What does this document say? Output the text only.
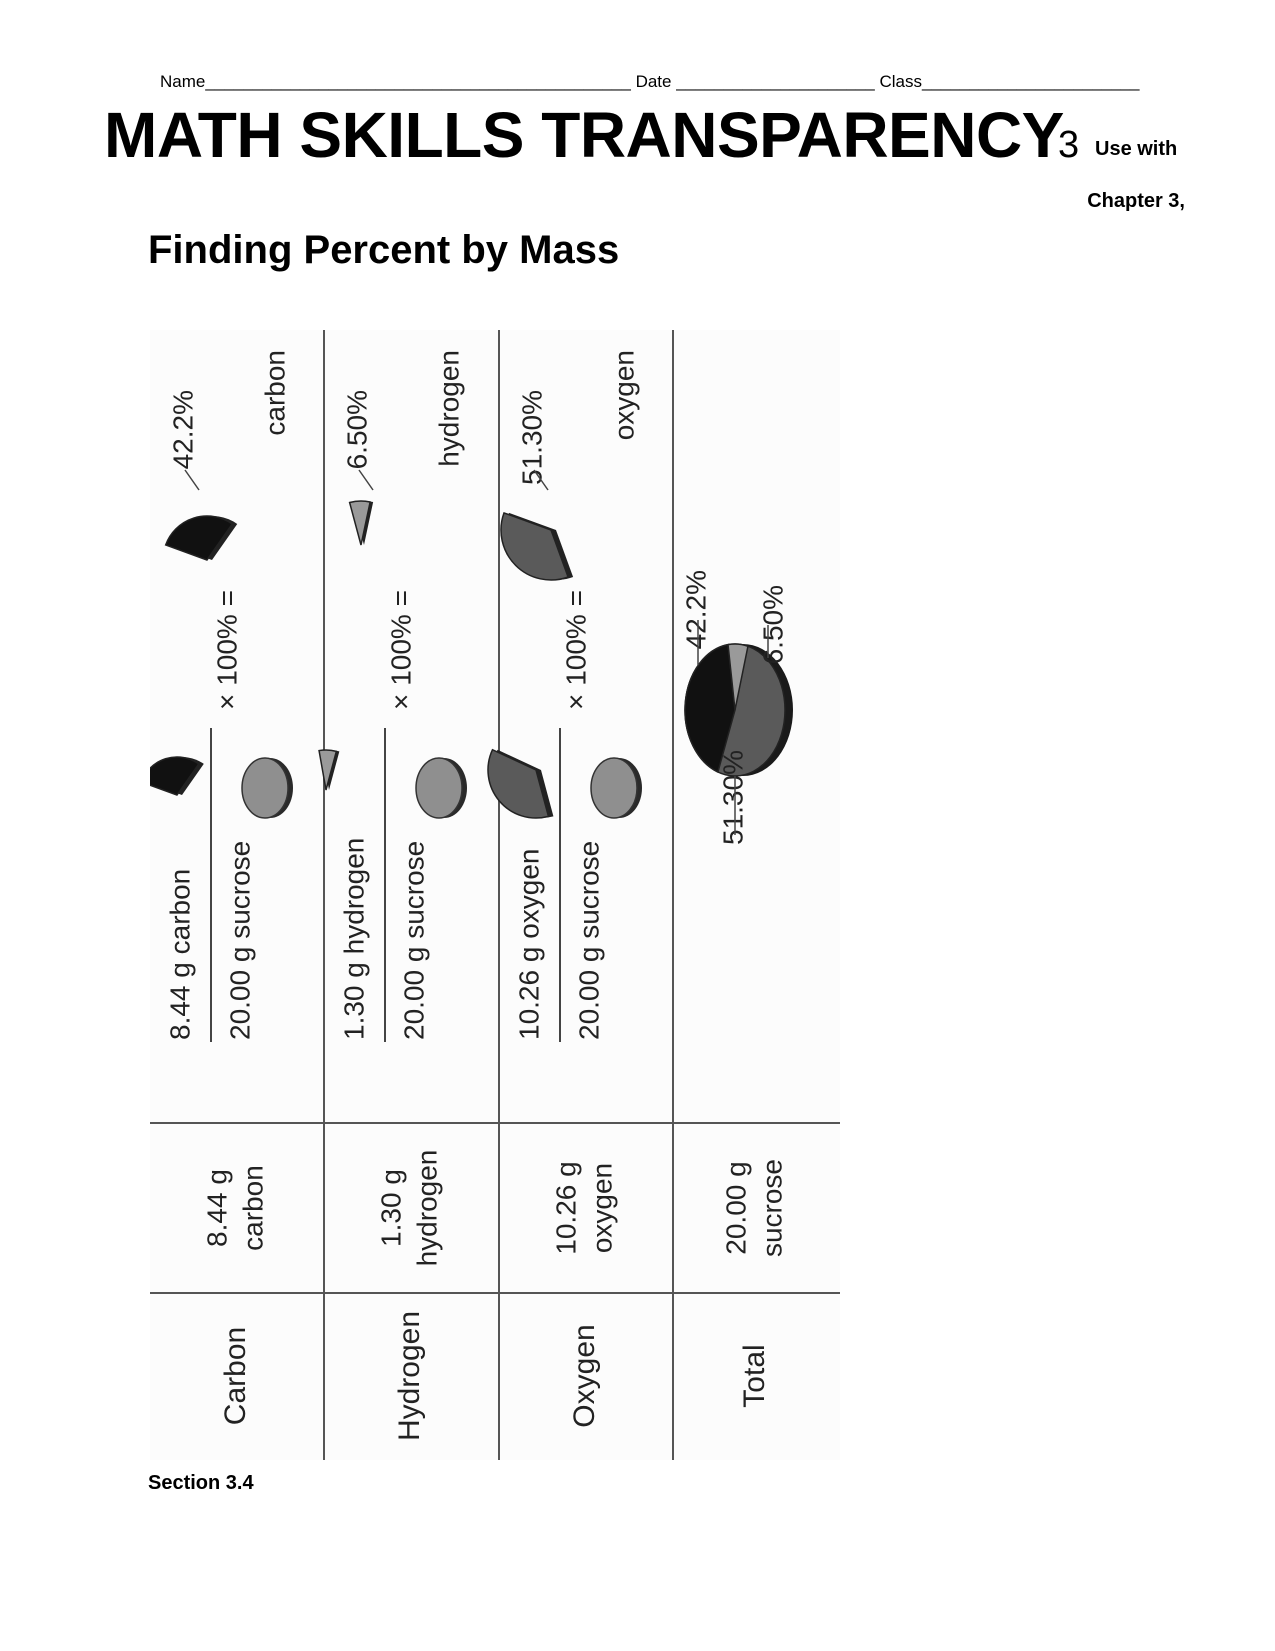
Name_____________________________________________ Date _____________________ Class_______________________
MATH SKILLS TRANSPARENCY
3 Use with
Chapter 3,
Finding Percent by Mass
Carbon
8.44 g carbon
8.44 g carbon 20.00 g sucrose
× 100% =
42.2% carbon
Hydrogen
1.30 g hydrogen
1.30 g hydrogen 20.00 g sucrose
× 100% =
6.50% hydrogen
Oxygen
10.26 g oxygen
10.26 g oxygen 20.00 g sucrose
× 100% =
51.30% oxygen
Total
20.00 g sucrose
42.2% 6.50%
51.30%
Section 3.4
